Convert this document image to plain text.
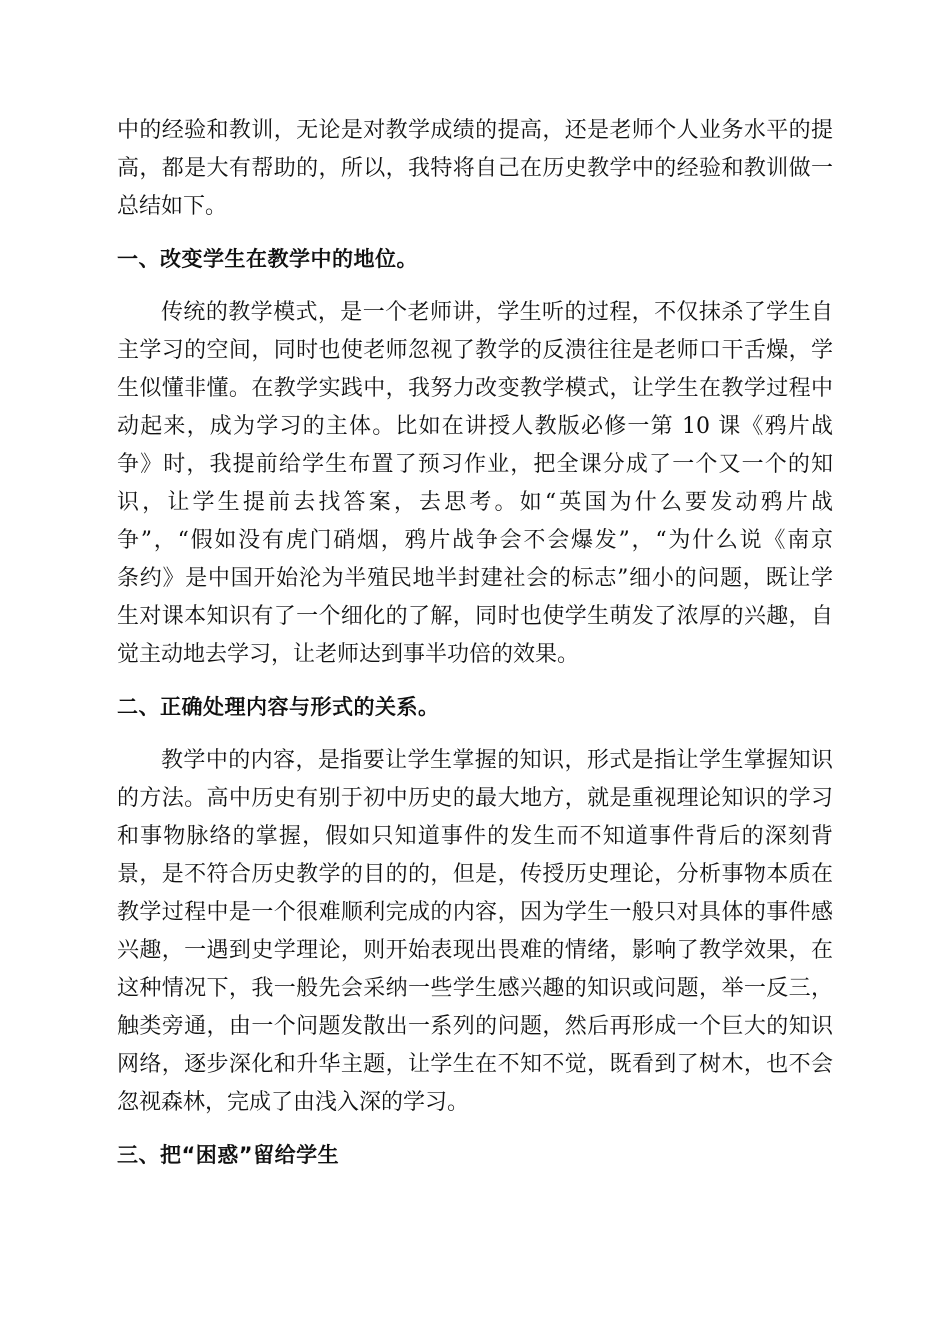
中的经验和教训，无论是对教学成绩的提高，还是老师个人业务水平的提
高，都是大有帮助的，所以，我特将自己在历史教学中的经验和教训做一
总结如下。

一、改变学生在教学中的地位。

传统的教学模式，是一个老师讲，学生听的过程，不仅抹杀了学生自
主学习的空间，同时也使老师忽视了教学的反溃往往是老师口干舌燥，学
生似懂非懂。在教学实践中，我努力改变教学模式，让学生在教学过程中
动起来，成为学习的主体。比如在讲授人教版必修一第 10 课《鸦片战
争》时，我提前给学生布置了预习作业，把全课分成了一个又一个的知
识，让学生提前去找答案，去思考。如“英国为什么要发动鸦片战
争”，“假如没有虎门硝烟，鸦片战争会不会爆发”，“为什么说《南京
条约》是中国开始沦为半殖民地半封建社会的标志”细小的问题，既让学
生对课本知识有了一个细化的了解，同时也使学生萌发了浓厚的兴趣，自
觉主动地去学习，让老师达到事半功倍的效果。

二、正确处理内容与形式的关系。

教学中的内容，是指要让学生掌握的知识，形式是指让学生掌握知识
的方法。高中历史有别于初中历史的最大地方，就是重视理论知识的学习
和事物脉络的掌握，假如只知道事件的发生而不知道事件背后的深刻背
景，是不符合历史教学的目的的，但是，传授历史理论，分析事物本质在
教学过程中是一个很难顺利完成的内容，因为学生一般只对具体的事件感
兴趣，一遇到史学理论，则开始表现出畏难的情绪，影响了教学效果，在
这种情况下，我一般先会采纳一些学生感兴趣的知识或问题，举一反三，
触类旁通，由一个问题发散出一系列的问题，然后再形成一个巨大的知识
网络，逐步深化和升华主题，让学生在不知不觉，既看到了树木，也不会
忽视森林，完成了由浅入深的学习。

三、把“困惑”留给学生
